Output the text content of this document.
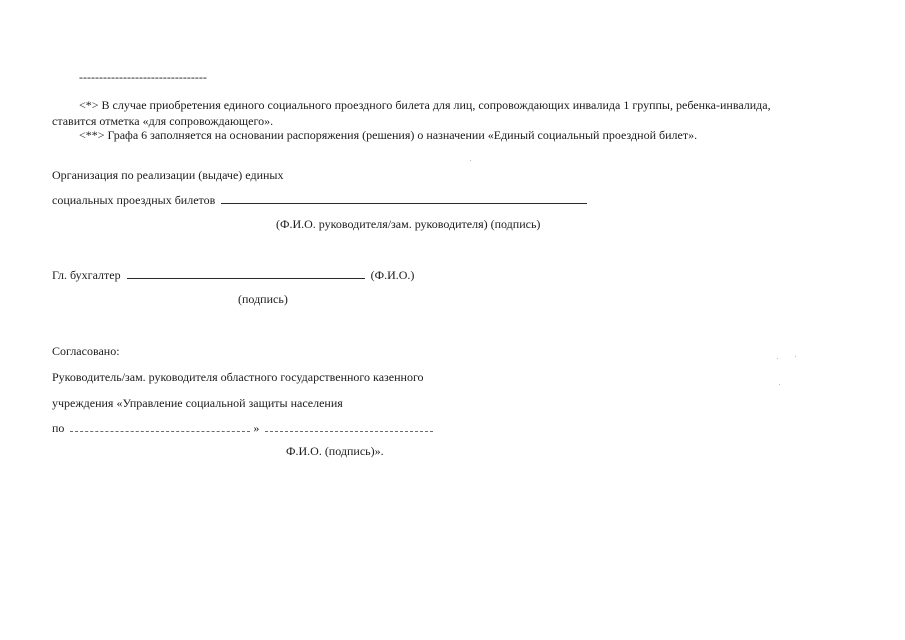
--------------------------------
<*> В случае приобретения единого социального проездного билета для лиц, сопровождающих инвалида 1 группы, ребенка-инвалида,
ставится отметка «для сопровождающего».
<**> Графа 6 заполняется на основании распоряжения (решения) о назначении «Единый социальный проездной билет».
Организация по реализации (выдаче) единых
социальных проездных билетов
(Ф.И.О. руководителя/зам. руководителя) (подпись)
Гл. бухгалтер	(Ф.И.О.)
(подпись)
Согласовано:
Руководитель/зам. руководителя областного государственного казенного
учреждения «Управление социальной защиты населения
по	»
Ф.И.О. (подпись)».
